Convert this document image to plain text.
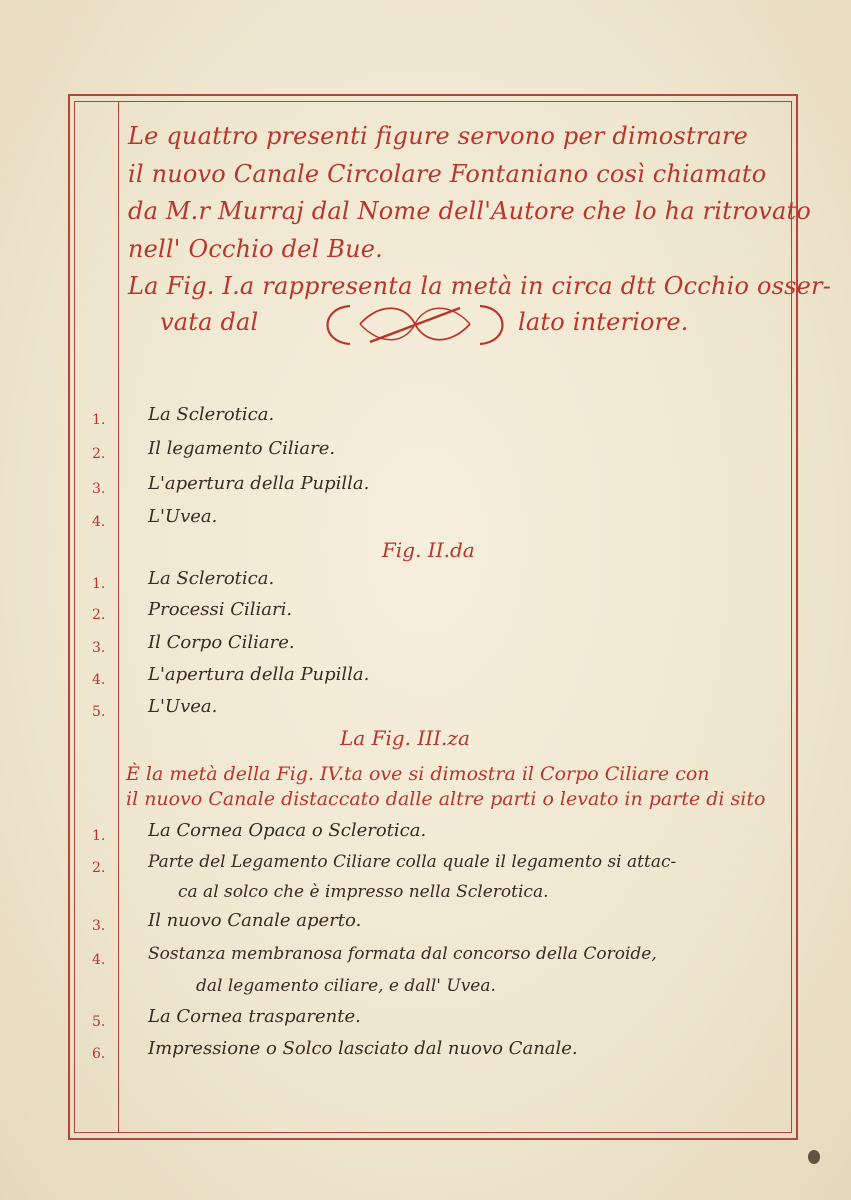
Le quattro presenti figure servono per dimostrare
il nuovo Canale Circolare Fontaniano così chiamato
da M.r Murraj dal Nome dell'Autore che lo ha ritrovato
nell' Occhio del Bue.
La Fig. I.a rappresenta la metà in circa dtt Occhio osser-
vata dal	lato interiore.
1. La Sclerotica.
2. Il legamento Ciliare.
3. L'apertura della Pupilla.
4. L'Uvea.
Fig. II.da
1. La Sclerotica.
2. Processi Ciliari.
3. Il Corpo Ciliare.
4. L'apertura della Pupilla.
5. L'Uvea.
La Fig. III.za
È la metà della Fig. IV.ta ove si dimostra il Corpo Ciliare con
il nuovo Canale distaccato dalle altre parti o levato in parte di sito
1. La Cornea Opaca o Sclerotica.
2.	Parte del Legamento Ciliare colla quale il legamento si attac-
ca al solco che è impresso nella Sclerotica.
3. Il nuovo Canale aperto.
4.	Sostanza membranosa formata dal concorso della Coroide,
dal legamento ciliare, e dall' Uvea.
5. La Cornea trasparente.
6. Impressione o Solco lasciato dal nuovo Canale.
